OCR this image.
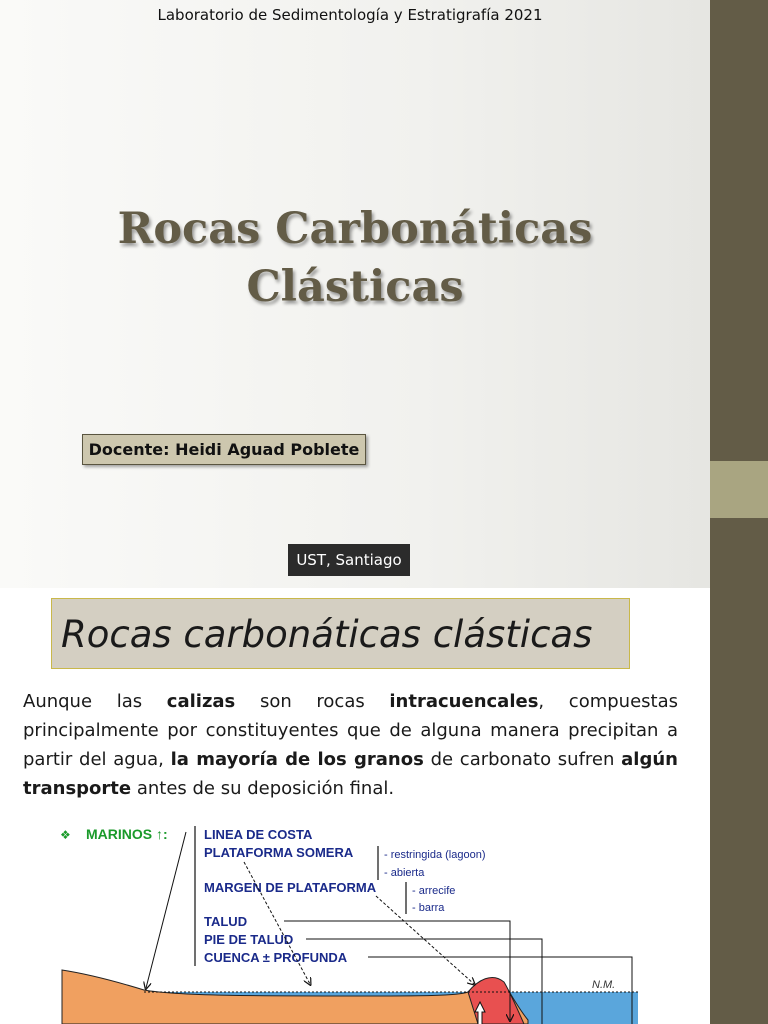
Laboratorio de Sedimentología y Estratigrafía 2021
Rocas Carbonáticas
Clásticas
Docente: Heidi Aguad Poblete
UST, Santiago
Rocas carbonáticas clásticas

Aunque las calizas son rocas intracuencales, compuestas principalmente por constituyentes que de alguna manera precipitan a partir del agua, la mayoría de los granos de carbonato sufren algún transporte antes de su deposición final.

N.M.
❖ MARINOS ↑:	LINEA DE COSTA
PLATAFORMA SOMERA
MARGEN DE PLATAFORMA
TALUD
PIE DE TALUD
CUENCA ± PROFUNDA
- restringida (lagoon)
- abierta
- arrecife
- barra
